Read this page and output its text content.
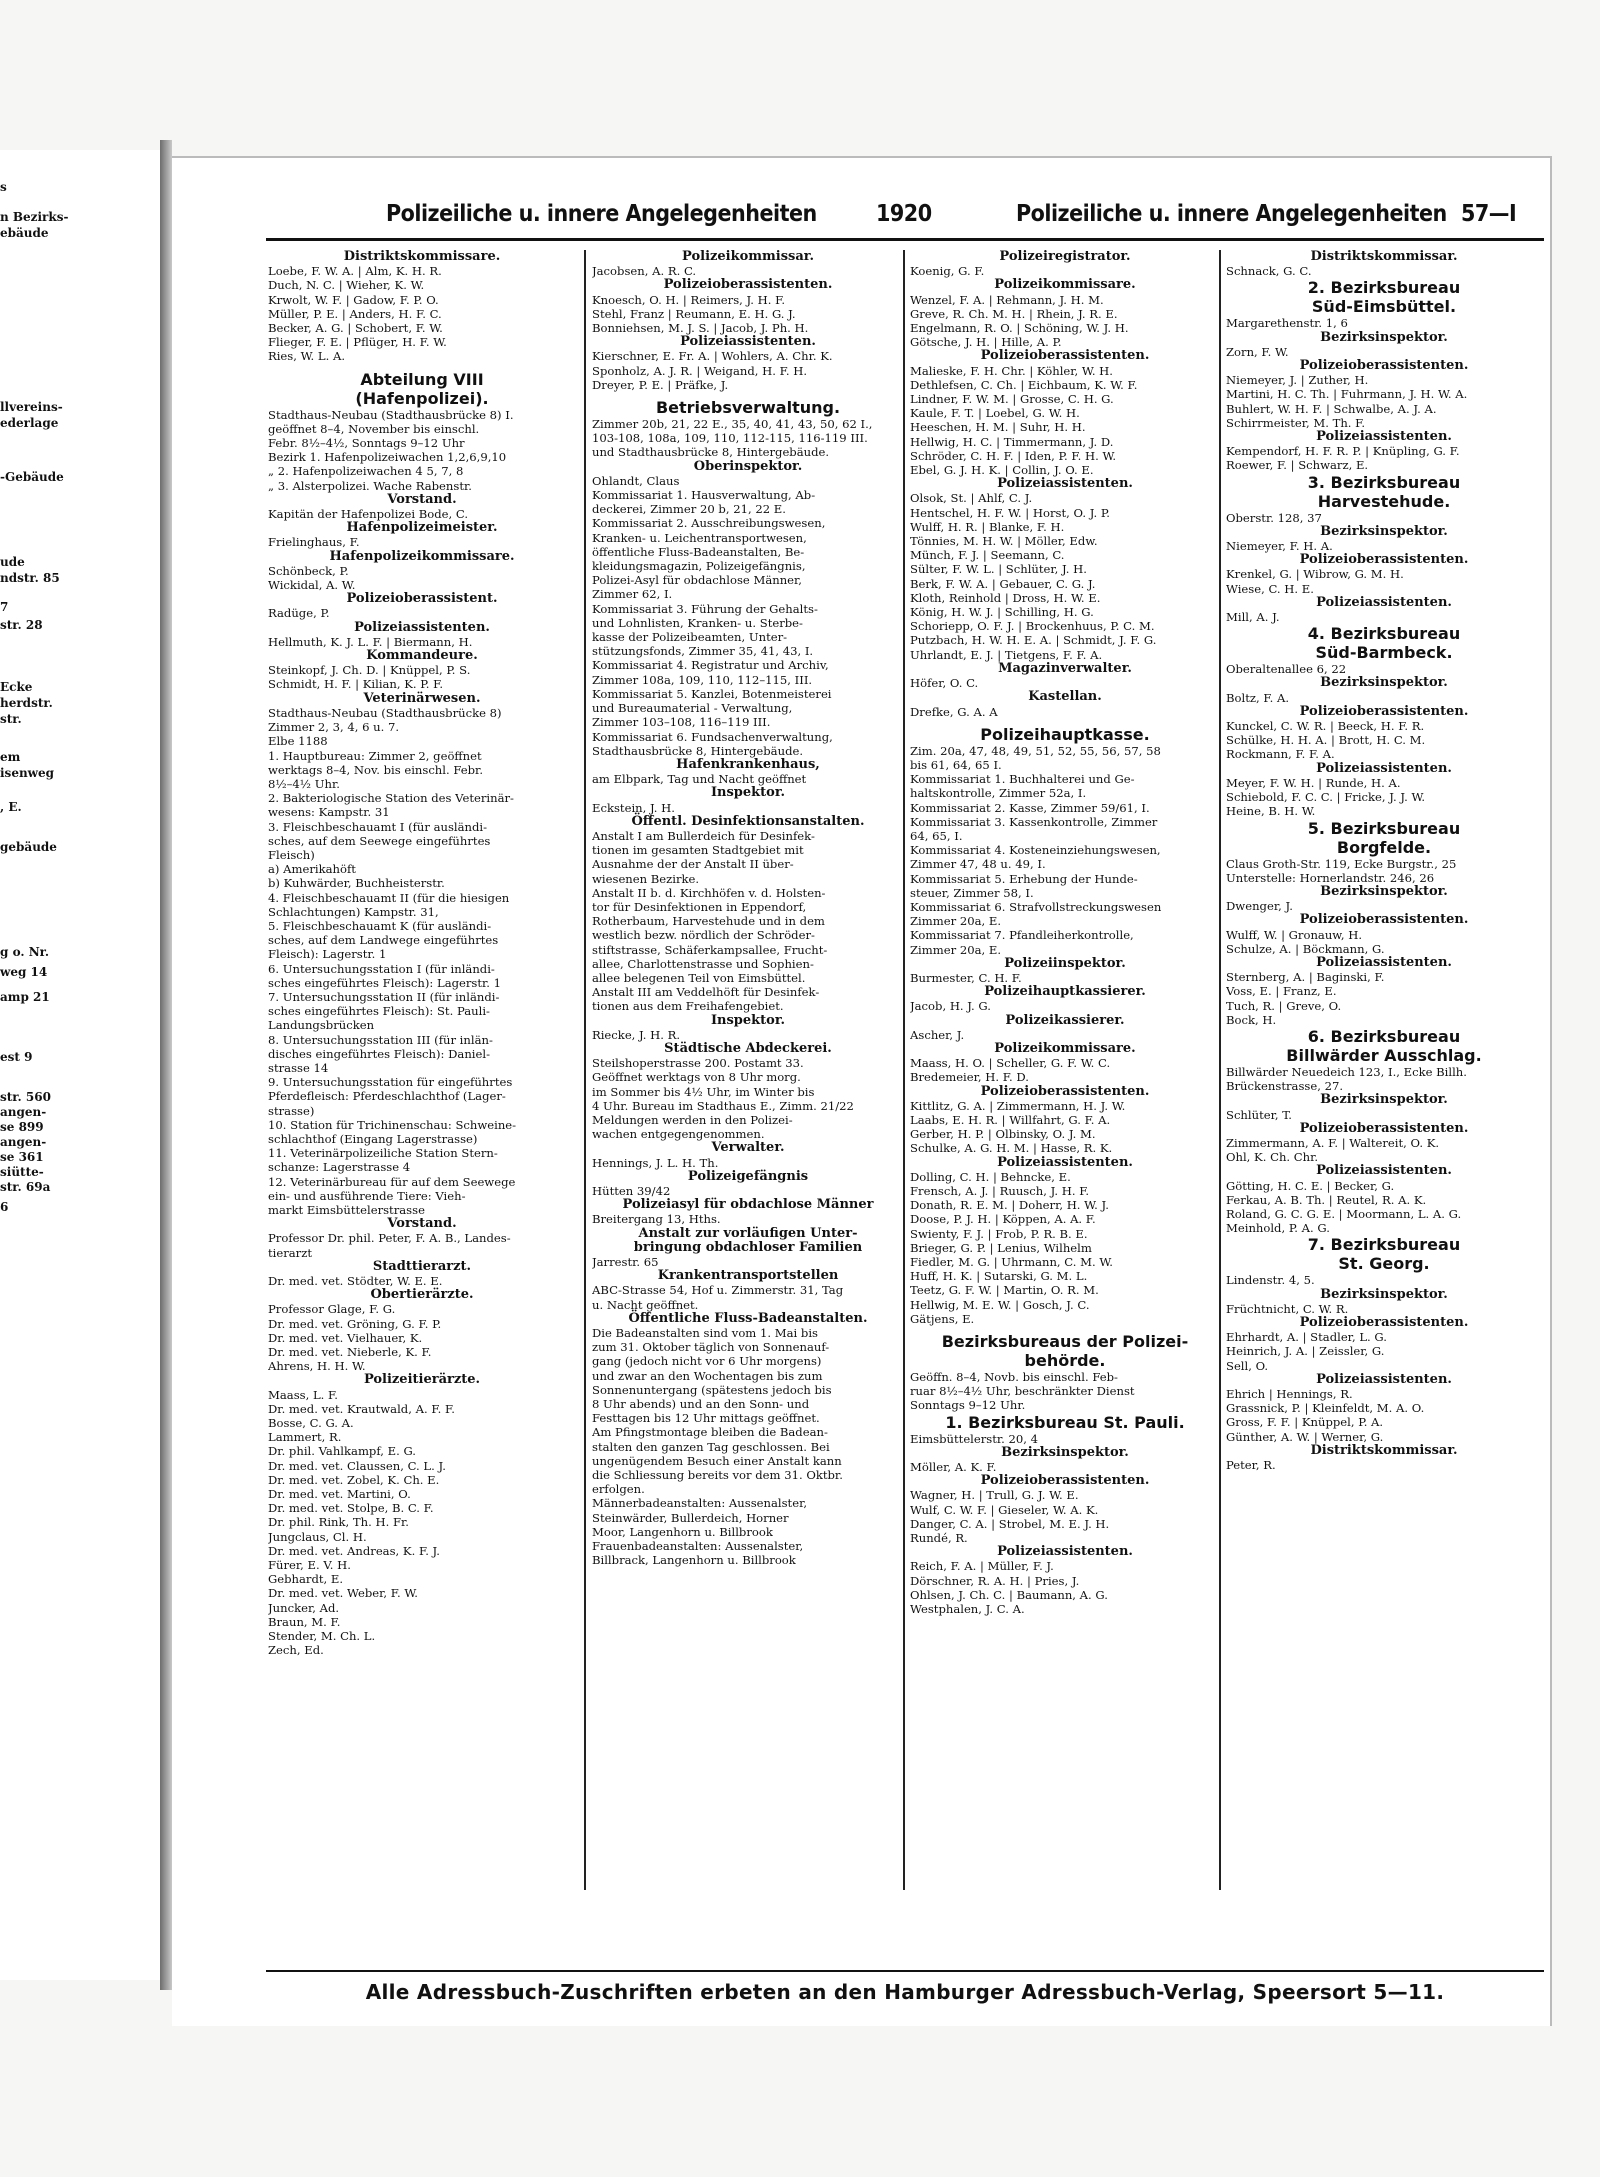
s
n Bezirks-
ebäude
llvereins-
ederlage
-Gebäude
ude
ndstr. 85
7
str. 28
Ecke
herdstr.
str.
em
isenweg
, E.
gebäude
g o. Nr.
weg 14
amp 21
est 9
str. 560
angen-
se 899
angen-
se 361
siütte-
str. 69a
6
Polizeiliche u. innere Angelegenheiten	1920	Polizeiliche u. innere Angelegenheiten 57—I
Distriktskommissare.
Loebe, F. W. A. | Alm, K. H. R.
Duch, N. C. | Wieher, K. W.
Krwolt, W. F. | Gadow, F. P. O.
Müller, P. E. | Anders, H. F. C.
Becker, A. G. | Schobert, F. W.
Flieger, F. E. | Pflüger, H. F. W.
Ries, W. L. A.
Abteilung VIII
(Hafenpolizei).
Stadthaus-Neubau (Stadthausbrücke 8) I.
geöffnet 8–4, November bis einschl.
Febr. 8½–4½, Sonntags 9–12 Uhr
Bezirk 1. Hafenpolizeiwachen 1,2,6,9,10
„ 2. Hafenpolizeiwachen 4 5, 7, 8
„ 3. Alsterpolizei. Wache Rabenstr.
Vorstand.
Kapitän der Hafenpolizei Bode, C.
Hafenpolizeimeister.
Frielinghaus, F.
Hafenpolizeikommissare.
Schönbeck, P.
Wickidal, A. W.
Polizeioberassistent.
Radüge, P.
Polizeiassistenten.
Hellmuth, K. J. L. F. | Biermann, H.
Kommandeure.
Steinkopf, J. Ch. D. | Knüppel, P. S.
Schmidt, H. F. | Kilian, K. P. F.
Veterinärwesen.
Stadthaus-Neubau (Stadthausbrücke 8)
Zimmer 2, 3, 4, 6 u. 7.
Elbe 1188
1. Hauptbureau: Zimmer 2, geöffnet
werktags 8–4, Nov. bis einschl. Febr.
8½–4½ Uhr.
2. Bakteriologische Station des Veterinär-
wesens: Kampstr. 31
3. Fleischbeschauamt I (für ausländi-
sches, auf dem Seewege eingeführtes
Fleisch)
a) Amerikahöft
b) Kuhwärder, Buchheisterstr.
4. Fleischbeschauamt II (für die hiesigen
Schlachtungen) Kampstr. 31,
5. Fleischbeschauamt K (für ausländi-
sches, auf dem Landwege eingeführtes
Fleisch): Lagerstr. 1
6. Untersuchungsstation I (für inländi-
sches eingeführtes Fleisch): Lagerstr. 1
7. Untersuchungsstation II (für inländi-
sches eingeführtes Fleisch): St. Pauli-
Landungsbrücken
8. Untersuchungsstation III (für inlän-
disches eingeführtes Fleisch): Daniel-
strasse 14
9. Untersuchungsstation für eingeführtes
Pferdefleisch: Pferdeschlachthof (Lager-
strasse)
10. Station für Trichinenschau: Schweine-
schlachthof (Eingang Lagerstrasse)
11. Veterinärpolizeiliche Station Stern-
schanze: Lagerstrasse 4
12. Veterinärbureau für auf dem Seewege
ein- und ausführende Tiere: Vieh-
markt Eimsbüttelerstrasse
Vorstand.
Professor Dr. phil. Peter, F. A. B., Landes-
tierarzt
Stadttierarzt.
Dr. med. vet. Stödter, W. E. E.
Obertierärzte.
Professor Glage, F. G.
Dr. med. vet. Gröning, G. F. P.
Dr. med. vet. Vielhauer, K.
Dr. med. vet. Nieberle, K. F.
Ahrens, H. H. W.
Polizeitierärzte.
Maass, L. F.
Dr. med. vet. Krautwald, A. F. F.
Bosse, C. G. A.
Lammert, R.
Dr. phil. Vahlkampf, E. G.
Dr. med. vet. Claussen, C. L. J.
Dr. med. vet. Zobel, K. Ch. E.
Dr. med. vet. Martini, O.
Dr. med. vet. Stolpe, B. C. F.
Dr. phil. Rink, Th. H. Fr.
Jungclaus, Cl. H.
Dr. med. vet. Andreas, K. F. J.
Fürer, E. V. H.
Gebhardt, E.
Dr. med. vet. Weber, F. W.
Juncker, Ad.
Braun, M. F.
Stender, M. Ch. L.
Zech, Ed.
Polizeikommissar.
Jacobsen, A. R. C.
Polizeioberassistenten.
Knoesch, O. H. | Reimers, J. H. F.
Stehl, Franz | Reumann, E. H. G. J.
Bonniehsen, M. J. S. | Jacob, J. Ph. H.
Polizeiassistenten.
Kierschner, E. Fr. A. | Wohlers, A. Chr. K.
Sponholz, A. J. R. | Weigand, H. F. H.
Dreyer, P. E. | Präfke, J.
Betriebsverwaltung.
Zimmer 20b, 21, 22 E., 35, 40, 41, 43, 50, 62 I.,
103-108, 108a, 109, 110, 112-115, 116-119 III.
und Stadthausbrücke 8, Hintergebäude.
Oberinspektor.
Ohlandt, Claus
Kommissariat 1. Hausverwaltung, Ab-
deckerei, Zimmer 20 b, 21, 22 E.
Kommissariat 2. Ausschreibungswesen,
Kranken- u. Leichentransportwesen,
öffentliche Fluss-Badeanstalten, Be-
kleidungsmagazin, Polizeigefängnis,
Polizei-Asyl für obdachlose Männer,
Zimmer 62, I.
Kommissariat 3. Führung der Gehalts-
und Lohnlisten, Kranken- u. Sterbe-
kasse der Polizeibeamten, Unter-
stützungsfonds, Zimmer 35, 41, 43, I.
Kommissariat 4. Registratur und Archiv,
Zimmer 108a, 109, 110, 112–115, III.
Kommissariat 5. Kanzlei, Botenmeisterei
und Bureaumaterial - Verwaltung,
Zimmer 103–108, 116–119 III.
Kommissariat 6. Fundsachenverwaltung,
Stadthausbrücke 8, Hintergebäude.
Hafenkrankenhaus,
am Elbpark, Tag und Nacht geöffnet
Inspektor.
Eckstein, J. H.
Öffentl. Desinfektionsanstalten.
Anstalt I am Bullerdeich für Desinfek-
tionen im gesamten Stadtgebiet mit
Ausnahme der der Anstalt II über-
wiesenen Bezirke.
Anstalt II b. d. Kirchhöfen v. d. Holsten-
tor für Desinfektionen in Eppendorf,
Rotherbaum, Harvestehude und in dem
westlich bezw. nördlich der Schröder-
stiftstrasse, Schäferkampsallee, Frucht-
allee, Charlottenstrasse und Sophien-
allee belegenen Teil von Eimsbüttel.
Anstalt III am Veddelhöft für Desinfek-
tionen aus dem Freihafengebiet.
Inspektor.
Riecke, J. H. R.
Städtische Abdeckerei.
Steilshoperstrasse 200. Postamt 33.
Geöffnet werktags von 8 Uhr morg.
im Sommer bis 4½ Uhr, im Winter bis
4 Uhr. Bureau im Stadthaus E., Zimm. 21/22
Meldungen werden in den Polizei-
wachen entgegengenommen.
Verwalter.
Hennings, J. L. H. Th.
Polizeigefängnis
Hütten 39/42
Polizeiasyl für obdachlose Männer
Breitergang 13, Hths.
Anstalt zur vorläufigen Unter-
bringung obdachloser Familien
Jarrestr. 65
Krankentransportstellen
ABC-Strasse 54, Hof u. Zimmerstr. 31, Tag
u. Nacht geöffnet.
Öffentliche Fluss-Badeanstalten.
Die Badeanstalten sind vom 1. Mai bis
zum 31. Oktober täglich von Sonnenauf-
gang (jedoch nicht vor 6 Uhr morgens)
und zwar an den Wochentagen bis zum
Sonnenuntergang (spätestens jedoch bis
8 Uhr abends) und an den Sonn- und
Festtagen bis 12 Uhr mittags geöffnet.
Am Pfingstmontage bleiben die Badean-
stalten den ganzen Tag geschlossen. Bei
ungenügendem Besuch einer Anstalt kann
die Schliessung bereits vor dem 31. Oktbr.
erfolgen.
Männerbadeanstalten: Aussenalster,
Steinwärder, Bullerdeich, Horner
Moor, Langenhorn u. Billbrook
Frauenbadeanstalten: Aussenalster,
Billbrack, Langenhorn u. Billbrook
Polizeiregistrator.
Koenig, G. F.
Polizeikommissare.
Wenzel, F. A. | Rehmann, J. H. M.
Greve, R. Ch. M. H. | Rhein, J. R. E.
Engelmann, R. O. | Schöning, W. J. H.
Götsche, J. H. | Hille, A. P.
Polizeioberassistenten.
Malieske, F. H. Chr. | Köhler, W. H.
Dethlefsen, C. Ch. | Eichbaum, K. W. F.
Lindner, F. W. M. | Grosse, C. H. G.
Kaule, F. T. | Loebel, G. W. H.
Heeschen, H. M. | Suhr, H. H.
Hellwig, H. C. | Timmermann, J. D.
Schröder, C. H. F. | Iden, P. F. H. W.
Ebel, G. J. H. K. | Collin, J. O. E.
Polizeiassistenten.
Olsok, St. | Ahlf, C. J.
Hentschel, H. F. W. | Horst, O. J. P.
Wulff, H. R. | Blanke, F. H.
Tönnies, M. H. W. | Möller, Edw.
Münch, F. J. | Seemann, C.
Sülter, F. W. L. | Schlüter, J. H.
Berk, F. W. A. | Gebauer, C. G. J.
Kloth, Reinhold | Dross, H. W. E.
König, H. W. J. | Schilling, H. G.
Schoriepp, O. F. J. | Brockenhuus, P. C. M.
Putzbach, H. W. H. E. A. | Schmidt, J. F. G.
Uhrlandt, E. J. | Tietgens, F. F. A.
Magazinverwalter.
Höfer, O. C.
Kastellan.
Drefke, G. A. A
Polizeihauptkasse.
Zim. 20a, 47, 48, 49, 51, 52, 55, 56, 57, 58
bis 61, 64, 65 I.
Kommissariat 1. Buchhalterei und Ge-
haltskontrolle, Zimmer 52a, I.
Kommissariat 2. Kasse, Zimmer 59/61, I.
Kommissariat 3. Kassenkontrolle, Zimmer
64, 65, I.
Kommissariat 4. Kosteneinziehungswesen,
Zimmer 47, 48 u. 49, I.
Kommissariat 5. Erhebung der Hunde-
steuer, Zimmer 58, I.
Kommissariat 6. Strafvollstreckungswesen
Zimmer 20a, E.
Kommissariat 7. Pfandleiherkontrolle,
Zimmer 20a, E.
Polizeiinspektor.
Burmester, C. H. F.
Polizeihauptkassierer.
Jacob, H. J. G.
Polizeikassierer.
Ascher, J.
Polizeikommissare.
Maass, H. O. | Scheller, G. F. W. C.
Bredemeier, H. F. D.
Polizeioberassistenten.
Kittlitz, G. A. | Zimmermann, H. J. W.
Laabs, E. H. R. | Willfahrt, G. F. A.
Gerber, H. P. | Olbinsky, O. J. M.
Schulke, A. G. H. M. | Hasse, R. K.
Polizeiassistenten.
Dolling, C. H. | Behncke, E.
Frensch, A. J. | Ruusch, J. H. F.
Donath, R. E. M. | Doherr, H. W. J.
Doose, P. J. H. | Köppen, A. A. F.
Swienty, F. J. | Frob, P. R. B. E.
Brieger, G. P. | Lenius, Wilhelm
Fiedler, M. G. | Uhrmann, C. M. W.
Huff, H. K. | Sutarski, G. M. L.
Teetz, G. F. W. | Martin, O. R. M.
Hellwig, M. E. W. | Gosch, J. C.
Gätjens, E.
Bezirksbureaus der Polizei-
behörde.
Geöffn. 8–4, Novb. bis einschl. Feb-
ruar 8½–4½ Uhr, beschränkter Dienst
Sonntags 9–12 Uhr.
1. Bezirksbureau St. Pauli.
Eimsbüttelerstr. 20, 4
Bezirksinspektor.
Möller, A. K. F.
Polizeioberassistenten.
Wagner, H. | Trull, G. J. W. E.
Wulf, C. W. F. | Gieseler, W. A. K.
Danger, C. A. | Strobel, M. E. J. H.
Rundé, R.
Polizeiassistenten.
Reich, F. A. | Müller, F. J.
Dörschner, R. A. H. | Pries, J.
Ohlsen, J. Ch. C. | Baumann, A. G.
Westphalen, J. C. A.
Distriktskommissar.
Schnack, G. C.
2. Bezirksbureau
Süd-Eimsbüttel.
Margarethenstr. 1, 6
Bezirksinspektor.
Zorn, F. W.
Polizeioberassistenten.
Niemeyer, J. | Zuther, H.
Martini, H. C. Th. | Fuhrmann, J. H. W. A.
Buhlert, W. H. F. | Schwalbe, A. J. A.
Schirrmeister, M. Th. F.
Polizeiassistenten.
Kempendorf, H. F. R. P. | Knüpling, G. F.
Roewer, F. | Schwarz, E.
3. Bezirksbureau
Harvestehude.
Oberstr. 128, 37
Bezirksinspektor.
Niemeyer, F. H. A.
Polizeioberassistenten.
Krenkel, G. | Wibrow, G. M. H.
Wiese, C. H. E.
Polizeiassistenten.
Mill, A. J.
4. Bezirksbureau
Süd-Barmbeck.
Oberaltenallee 6, 22
Bezirksinspektor.
Boltz, F. A.
Polizeioberassistenten.
Kunckel, C. W. R. | Beeck, H. F. R.
Schülke, H. H. A. | Brott, H. C. M.
Rockmann, F. F. A.
Polizeiassistenten.
Meyer, F. W. H. | Runde, H. A.
Schiebold, F. C. C. | Fricke, J. J. W.
Heine, B. H. W.
5. Bezirksbureau
Borgfelde.
Claus Groth-Str. 119, Ecke Burgstr., 25
Unterstelle: Hornerlandstr. 246, 26
Bezirksinspektor.
Dwenger, J.
Polizeioberassistenten.
Wulff, W. | Gronauw, H.
Schulze, A. | Böckmann, G.
Polizeiassistenten.
Sternberg, A. | Baginski, F.
Voss, E. | Franz, E.
Tuch, R. | Greve, O.
Bock, H.
6. Bezirksbureau
Billwärder Ausschlag.
Billwärder Neuedeich 123, I., Ecke Billh.
Brückenstrasse, 27.
Bezirksinspektor.
Schlüter, T.
Polizeioberassistenten.
Zimmermann, A. F. | Waltereit, O. K.
Ohl, K. Ch. Chr.
Polizeiassistenten.
Götting, H. C. E. | Becker, G.
Ferkau, A. B. Th. | Reutel, R. A. K.
Roland, G. C. G. E. | Moormann, L. A. G.
Meinhold, P. A. G.
7. Bezirksbureau
St. Georg.
Lindenstr. 4, 5.
Bezirksinspektor.
Früchtnicht, C. W. R.
Polizeioberassistenten.
Ehrhardt, A. | Stadler, L. G.
Heinrich, J. A. | Zeissler, G.
Sell, O.
Polizeiassistenten.
Ehrich | Hennings, R.
Grassnick, P. | Kleinfeldt, M. A. O.
Gross, F. F. | Knüppel, P. A.
Günther, A. W. | Werner, G.
Distriktskommissar.
Peter, R.
Alle Adressbuch-Zuschriften erbeten an den Hamburger Adressbuch-Verlag, Speersort 5—11.
